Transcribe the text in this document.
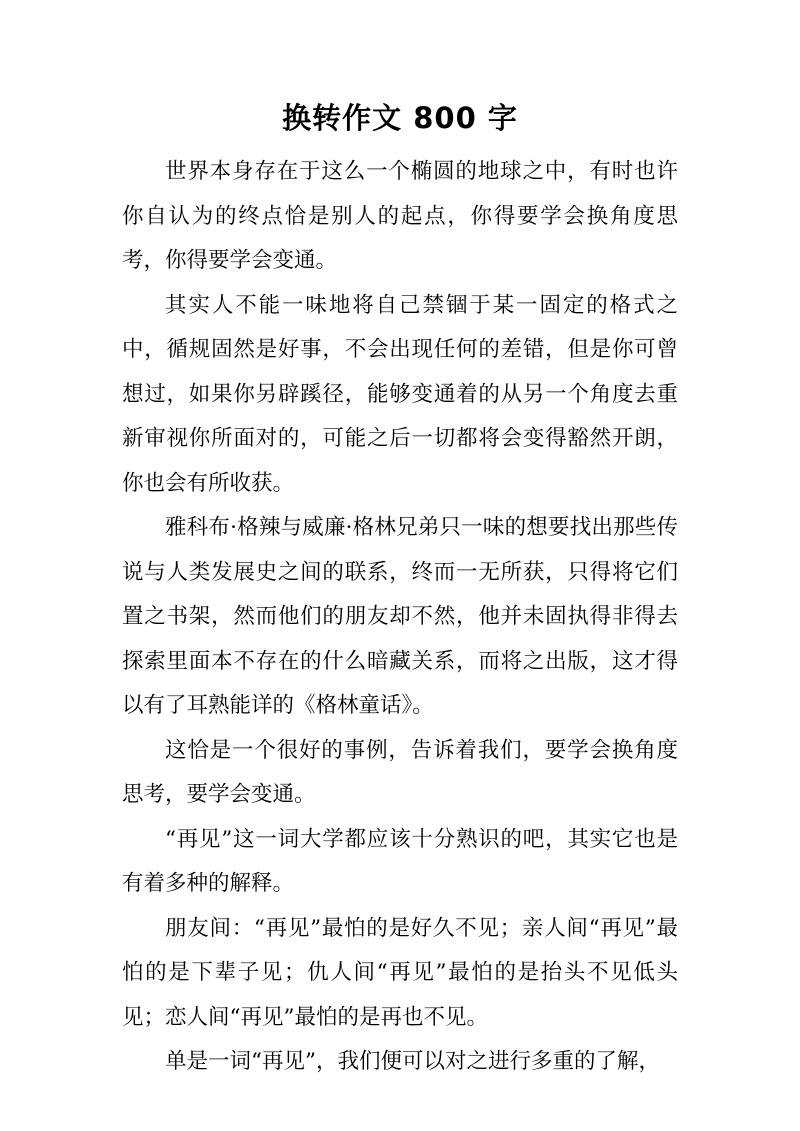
换转作文 800 字

世界本身存在于这么一个椭圆的地球之中，有时也许你自认为的终点恰是别人的起点，你得要学会换角度思考，你得要学会变通。

其实人不能一味地将自己禁锢于某一固定的格式之中，循规固然是好事，不会出现任何的差错，但是你可曾想过，如果你另辟蹊径，能够变通着的从另一个角度去重新审视你所面对的，可能之后一切都将会变得豁然开朗，你也会有所收获。

雅科布·格辣与威廉·格林兄弟只一味的想要找出那些传说与人类发展史之间的联系，终而一无所获，只得将它们置之书架，然而他们的朋友却不然，他并未固执得非得去探索里面本不存在的什么暗藏关系，而将之出版，这才得以有了耳熟能详的《格林童话》。

这恰是一个很好的事例，告诉着我们，要学会换角度思考，要学会变通。

“再见”这一词大学都应该十分熟识的吧，其实它也是有着多种的解释。

朋友间：“再见”最怕的是好久不见；亲人间“再见”最怕的是下辈子见；仇人间“再见”最怕的是抬头不见低头见；恋人间“再见”最怕的是再也不见。

单是一词“再见”，我们便可以对之进行多重的了解，
